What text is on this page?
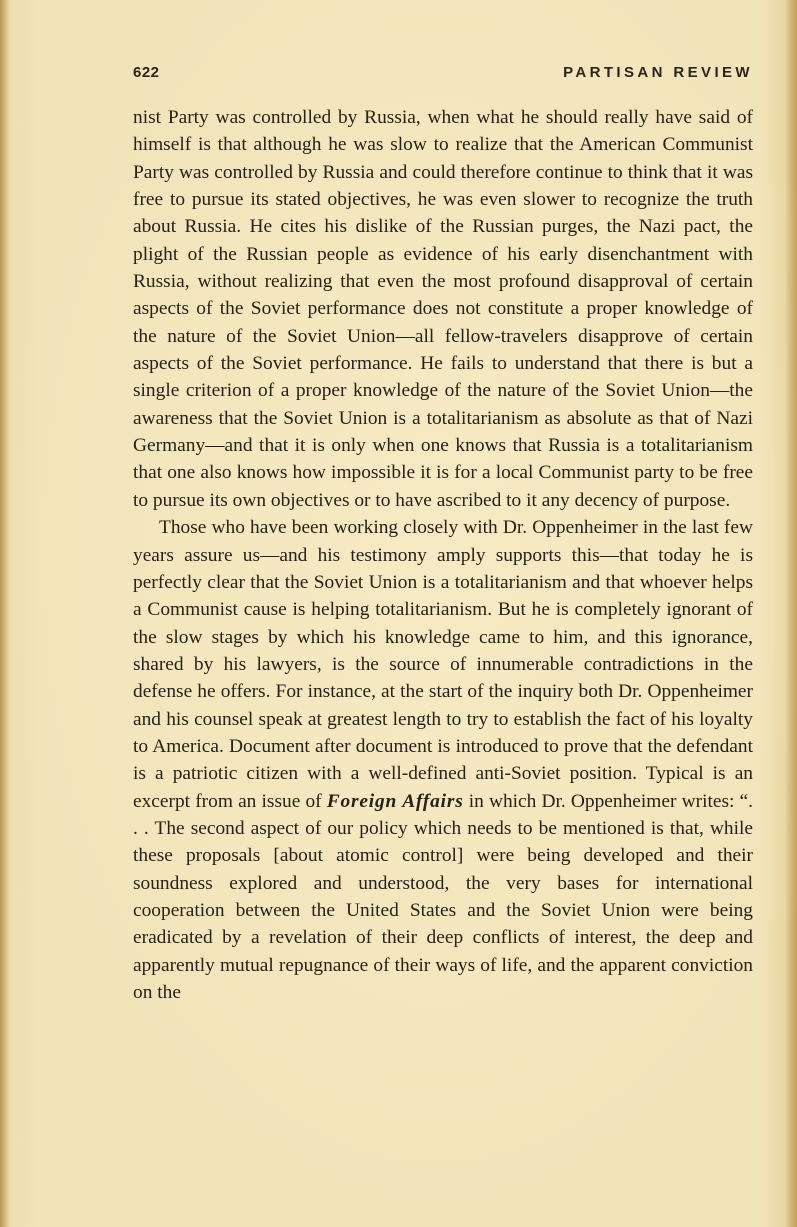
622	PARTISAN REVIEW

nist Party was controlled by Russia, when what he should really have said of himself is that although he was slow to realize that the American Communist Party was controlled by Russia and could therefore continue to think that it was free to pursue its stated objectives, he was even slower to recognize the truth about Russia. He cites his dislike of the Russian purges, the Nazi pact, the plight of the Russian people as evidence of his early disenchantment with Russia, without realizing that even the most profound disapproval of certain aspects of the Soviet performance does not constitute a proper knowledge of the nature of the Soviet Union—all fellow-travelers disapprove of certain aspects of the Soviet performance. He fails to understand that there is but a single criterion of a proper knowledge of the nature of the Soviet Union—the awareness that the Soviet Union is a totalitarianism as absolute as that of Nazi Germany—and that it is only when one knows that Russia is a totalitarianism that one also knows how impossible it is for a local Communist party to be free to pursue its own objectives or to have ascribed to it any decency of purpose.

Those who have been working closely with Dr. Oppenheimer in the last few years assure us—and his testimony amply supports this—that today he is perfectly clear that the Soviet Union is a totalitarianism and that whoever helps a Communist cause is helping totalitarianism. But he is completely ignorant of the slow stages by which his knowledge came to him, and this ignorance, shared by his lawyers, is the source of innumerable contradictions in the defense he offers. For instance, at the start of the inquiry both Dr. Oppenheimer and his counsel speak at greatest length to try to establish the fact of his loyalty to America. Document after document is introduced to prove that the defendant is a patriotic citizen with a well-defined anti-Soviet position. Typical is an excerpt from an issue of Foreign Affairs in which Dr. Oppenheimer writes: “. . . The second aspect of our policy which needs to be mentioned is that, while these proposals [about atomic control] were being developed and their soundness explored and understood, the very bases for international cooperation between the United States and the Soviet Union were being eradicated by a revelation of their deep conflicts of interest, the deep and apparently mutual repugnance of their ways of life, and the apparent conviction on the
